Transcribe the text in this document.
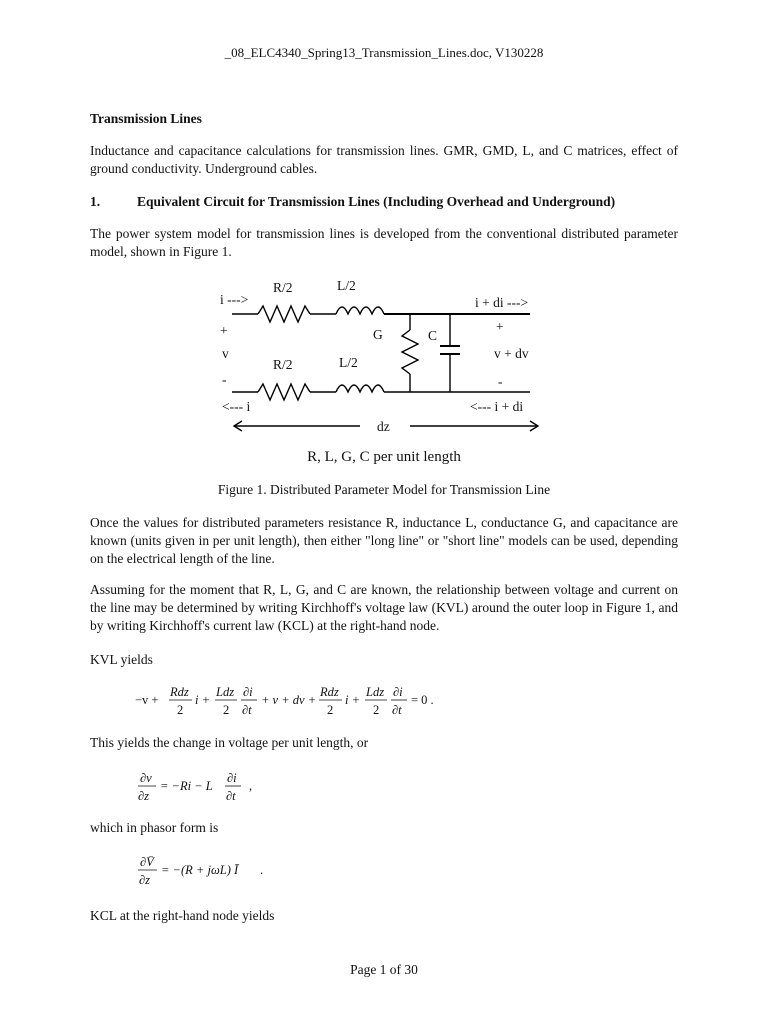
_08_ELC4340_Spring13_Transmission_Lines.doc, V130228
Transmission Lines
Inductance and capacitance calculations for transmission lines. GMR, GMD, L, and C matrices, effect of ground conductivity. Underground cables.
1.	Equivalent Circuit for Transmission Lines (Including Overhead and Underground)
The power system model for transmission lines is developed from the conventional distributed parameter model, shown in Figure 1.
R/2	L/2
i --->	i + di --->
+	G	C
+
v	v + dv
R/2	L/2
-	-
<--- i	<--- i + di
dz
R, L, G, C per unit length
Figure 1. Distributed Parameter Model for Transmission Line
Once the values for distributed parameters resistance R, inductance L, conductance G, and capacitance are known (units given in per unit length), then either "long line" or "short line" models can be used, depending on the electrical length of the line.
Assuming for the moment that R, L, G, and C are known, the relationship between voltage and current on the line may be determined by writing Kirchhoff's voltage law (KVL) around the outer loop in Figure 1, and by writing Kirchhoff's current law (KCL) at the right-hand node.
KVL yields
−v +
Rdz
2
i +
Ldz
2
∂i
∂t
+ v + dv +
Rdz
2
i +
Ldz
2
∂i
∂t
= 0 .
This yields the change in voltage per unit length, or
∂v
∂z
= −Ri − L
∂i
∂t
,
which in phasor form is
∂V̄
∂z
= −(R + jωL) Ī .
KCL at the right-hand node yields
Page 1 of 30
